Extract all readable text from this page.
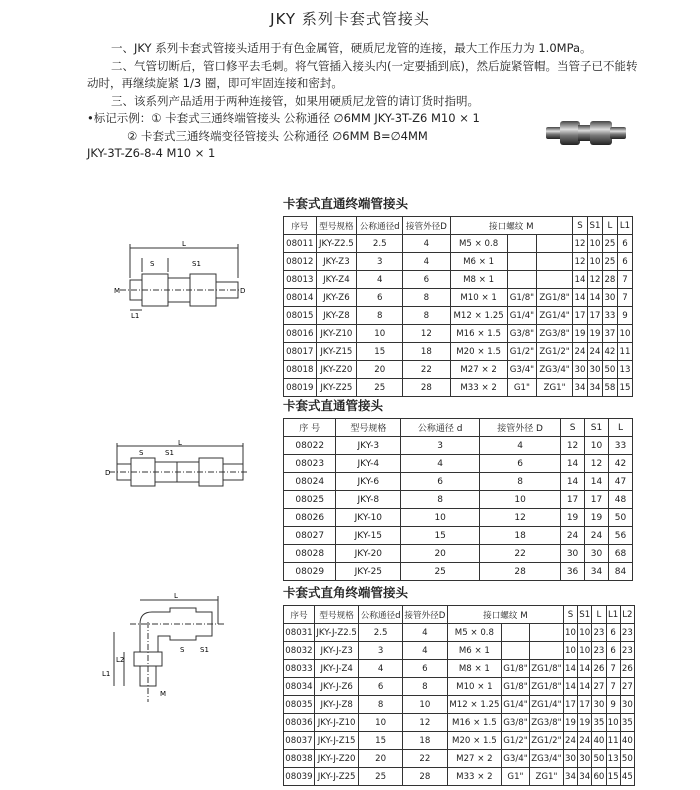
JKY 系列卡套式管接头

一、JKY 系列卡套式管接头适用于有色金属管，硬质尼龙管的连接，最大工作压力为 1.0MPa。

二、气管切断后，管口修平去毛刺。将气管插入接头内(一定要插到底)，然后旋紧管帽。当管子已不能转动时，再继续旋紧 1/3 圈，即可牢固连接和密封。

三、该系列产品适用于两种连接管，如果用硬质尼龙管的请订货时指明。

•标记示例：① 卡套式三通终端管接头 公称通径 ∅6MM JKY-3T-Z6 M10 × 1

② 卡套式三通终端变径管接头 公称通径 ∅6MM B=∅4MM

JKY-3T-Z6-8-4 M10 × 1

卡套式直通终端管接头
L
S	S1
D
M
L1
序号	型号规格	公称通径d	接管外径D	接口螺纹 M			S	S1	L	L1
08011	JKY-Z2.5	2.5	4	M5 × 0.8			12	10	25	6
08012	JKY-Z3	3	4	M6 × 1			12	10	25	6
08013	JKY-Z4	4	6	M8 × 1			14	12	28	7
08014	JKY-Z6	6	8	M10 × 1	G1/8"	ZG1/8"	14	14	30	7
08015	JKY-Z8	8	8	M12 × 1.25	G1/4"	ZG1/4"	17	17	33	9
08016	JKY-Z10	10	12	M16 × 1.5	G3/8"	ZG3/8"	19	19	37	10
08017	JKY-Z15	15	18	M20 × 1.5	G1/2"	ZG1/2"	24	24	42	11
08018	JKY-Z20	20	22	M27 × 2	G3/4"	ZG3/4"	30	30	50	13
08019	JKY-Z25	25	28	M33 × 2	G1"	ZG1"	34	34	58	15
卡套式直通管接头
L
S	S1
D
序 号	型号规格	公称通径 d	接管外径 D	S	S1	L
08022	JKY-3	3	4	12	10	33
08023	JKY-4	4	6	14	12	42
08024	JKY-6	6	8	14	14	47
08025	JKY-8	8	10	17	17	48
08026	JKY-10	10	12	19	19	50
08027	JKY-15	15	18	24	24	56
08028	JKY-20	20	22	30	30	68
08029	JKY-25	25	28	36	34	84
卡套式直角终端管接头
L
S S1
L1
L2
M
序号	型号规格	公称通径d	接管外径D	接口螺纹 M			S	S1	L	L1	L2
08031	JKY-J-Z2.5	2.5	4	M5 × 0.8			10	10	23	6	23
08032	JKY-J-Z3	3	4	M6 × 1			10	10	23	6	23
08033	JKY-J-Z4	4	6	M8 × 1	G1/8"	ZG1/8"	14	14	26	7	26
08034	JKY-J-Z6	6	8	M10 × 1	G1/8"	ZG1/8"	14	14	27	7	27
08035	JKY-J-Z8	8	10	M12 × 1.25	G1/4"	ZG1/4"	17	17	30	9	30
08036	JKY-J-Z10	10	12	M16 × 1.5	G3/8"	ZG3/8"	19	19	35	10	35
08037	JKY-J-Z15	15	18	M20 × 1.5	G1/2"	ZG1/2"	24	24	40	11	40
08038	JKY-J-Z20	20	22	M27 × 2	G3/4"	ZG3/4"	30	30	50	13	50
08039	JKY-J-Z25	25	28	M33 × 2	G1"	ZG1"	34	34	60	15	45
